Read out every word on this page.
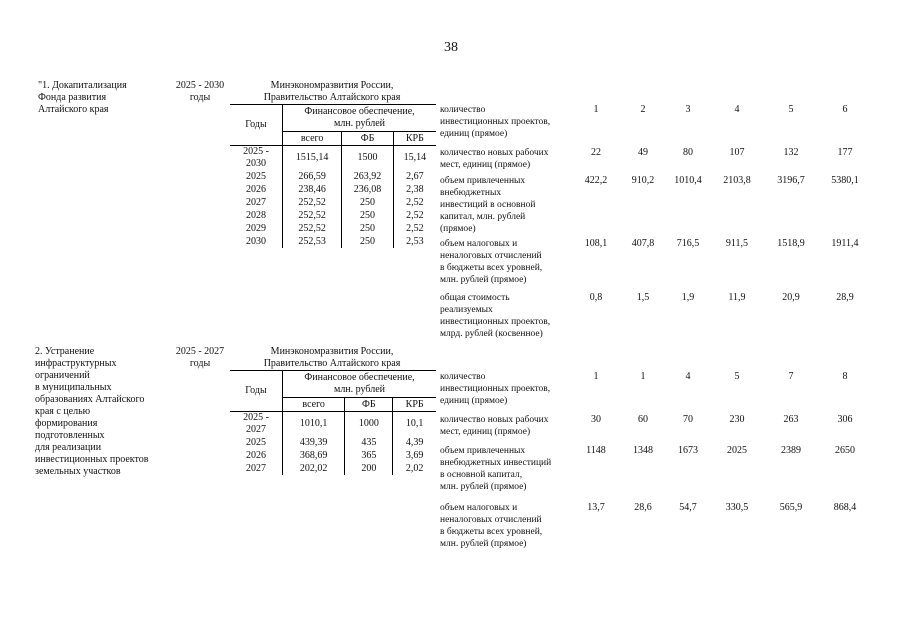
38
"1. Докапитализация
Фонда развития
Алтайского края
2025 - 2030
годы
Минэкономразвития России,
Правительство Алтайского края
Годы	Финансовое обеспечение,
млн. рублей		

	всего	ФБ	КРБ
2025 - 2030	1515,14	1500	15,14
2025	266,59	263,92	2,67
2026	238,46	236,08	2,38
2027	252,52	250	2,52
2028	252,52	250	2,52
2029	252,52	250	2,52
2030	252,53	250	2,53
количество
инвестиционных проектов,
единиц (прямое)
1	2	3	4	5	6
количество новых рабочих
мест, единиц (прямое)
22	49	80	107	132	177
объем привлеченных
внебюджетных
инвестиций в основной
капитал, млн. рублей
(прямое)
422,2	910,2	1010,4	2103,8	3196,7	5380,1
объем налоговых и
неналоговых отчислений
в бюджеты всех уровней,
млн. рублей (прямое)
108,1	407,8	716,5	911,5	1518,9	1911,4
общая стоимость
реализуемых
инвестиционных проектов,
млрд. рублей (косвенное)
0,8	1,5	1,9	11,9	20,9	28,9
2. Устранение
инфраструктурных
ограничений
в муниципальных
образованиях Алтайского
края с целью
формирования
подготовленных
для реализации
инвестиционных проектов
земельных участков
2025 - 2027
годы
Минэкономразвития России,
Правительство Алтайского края
Годы	Финансовое обеспечение,
млн. рублей		

	всего	ФБ	КРБ
2025 - 2027	1010,1	1000	10,1
2025	439,39	435	4,39
2026	368,69	365	3,69
2027	202,02	200	2,02
количество
инвестиционных проектов,
единиц (прямое)
1	1	4	5	7	8
количество новых рабочих
мест, единиц (прямое)
30	60	70	230	263	306
объем привлеченных
внебюджетных инвестиций
в основной капитал,
млн. рублей (прямое)
1148	1348	1673	2025	2389	2650
объем налоговых и
неналоговых отчислений
в бюджеты всех уровней,
млн. рублей (прямое)
13,7	28,6	54,7	330,5	565,9	868,4
